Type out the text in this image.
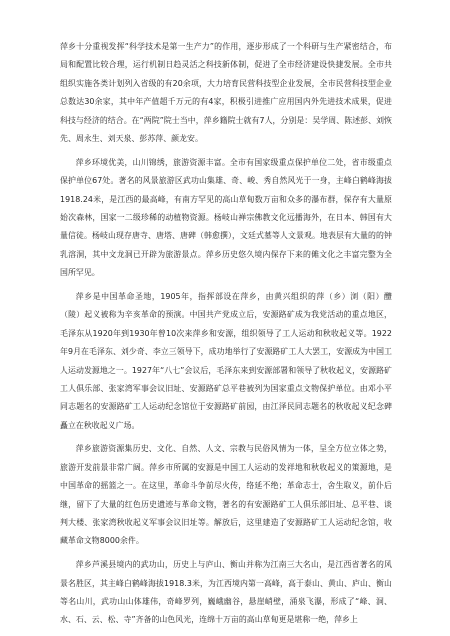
萍乡十分重视发挥“科学技术是第一生产力”的作用，逐步形成了一个科研与生产紧密结合，布局和配置比较合理，运行机制日趋灵活之科技新体制，促进了全市经济建设快捷发展。全市共组织实施各类计划列入省级的有20余项，大力培育民营科技型企业发展，全市民营科技型企业总数达30余家，其中年产值超千万元的有4家，积极引进推广应用国内外先进技术成果，促进科技与经济的结合。在“两院”院士当中，萍乡籍院士就有7人，分别是：吴学周、陈述彭、刘恢先、周永生、刘天泉、彭苏萍、颜龙安。

萍乡环境优美，山川锦绣，旅游资源丰富。全市有国家级重点保护单位二处，省市级重点保护单位67处。著名的风景旅游区武功山集雄、奇、峻、秀自然风光于一身，主峰白鹤峰海拔1918.24米，是江西的最高峰，有南方罕见的高山草甸数万亩和众多的瀑布群，保存有大量原始次森林，国家一二级珍稀的动植物资源。杨岐山禅宗佛教文化远播海外，在日本、韩国有大量信徒。杨岐山现存唐寺、唐塔、唐碑（韩愈撰），文廷式墓等人文景观。地表层有大量的的钟乳溶洞，其中文龙洞已开辟为旅游景点。萍乡历史悠久境内保存下来的傩文化之丰富完整为全国所罕见。

萍乡是中国革命圣地，1905年，指挥部设在萍乡，由黄兴组织的萍（乡）浏（阳）醴（陵）起义被称为辛亥革命的预演。中国共产党成立后，安源路矿成为我党活动的重点地区，毛泽东从1920年到1930年曾10次来萍乡和安源，组织领导了工人运动和秋收起义等。1922年9月在毛泽东、刘少奇、李立三领导下，成功地举行了安源路矿工人大罢工，安源成为中国工人运动发源地之一。1927年“八七”会议后，毛泽东来到安源部署和领导了秋收起义，安源路矿工人俱乐部、张家湾军事会议旧址、安源路矿总平巷被列为国家重点文物保护单位。由邓小平同志题名的安源路矿工人运动纪念馆位于安源路矿前园，由江泽民同志题名的秋收起义纪念碑矗立在秋收起义广场。

萍乡旅游资源集历史、文化、自然、人文、宗教与民俗风情为一体，呈全方位立体之势，旅游开发前景非常广阔。萍乡市所属的安源是中国工人运动的发祥地和秋收起义的策源地，是中国革命的摇篮之一。在这里，革命斗争前尽火传，络延不绝；革命志士，舍生取义，前仆后继，留下了大量的红色历史遗迹与革命文物，著名的有安源路矿工人俱乐部旧址、总平巷、谈判大楼、张家湾秋收起义军事会议旧址等。解放后，这里建造了安源路矿工人运动纪念馆，收藏革命文物8000余件。

萍乡芦溪县境内的武功山，历史上与庐山、衡山并称为江南三大名山，是江西省著名的风景名胜区，其主峰白鹤峰海拔1918.3米，为江西境内第一高峰，高于泰山、黄山、庐山、衡山等名山川，武功山山体雄伟，奇峰罗列，巍峨幽谷，悬崖峭壁，涌泉飞瀑，形成了“峰、洞、水、石、云、松、寺”齐备的山色风光，连绵十万亩的高山草甸更是堪称一绝，萍乡上
